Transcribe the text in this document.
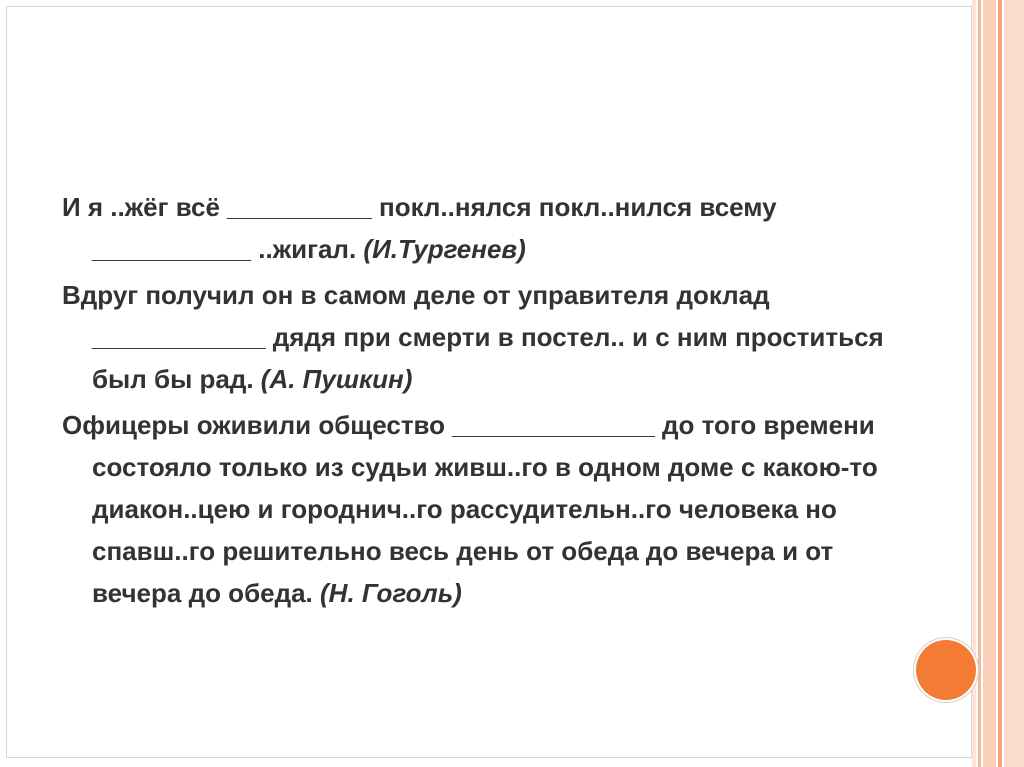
И я ..жёг всё __________ покл..нялся покл..нился всему ___________ ..жигал. (И.Тургенев)

Вдруг получил он в самом деле от управителя доклад ____________ дядя при смерти в постел.. и с ним проститься был бы рад. (А. Пушкин)

Офицеры оживили общество ______________ до того времени состояло только из судьи живш..го в одном доме с какою-то диакон..цею и городнич..го рассудительн..го человека но спавш..го решительно весь день от обеда до вечера и от вечера до обеда. (Н. Гоголь)
